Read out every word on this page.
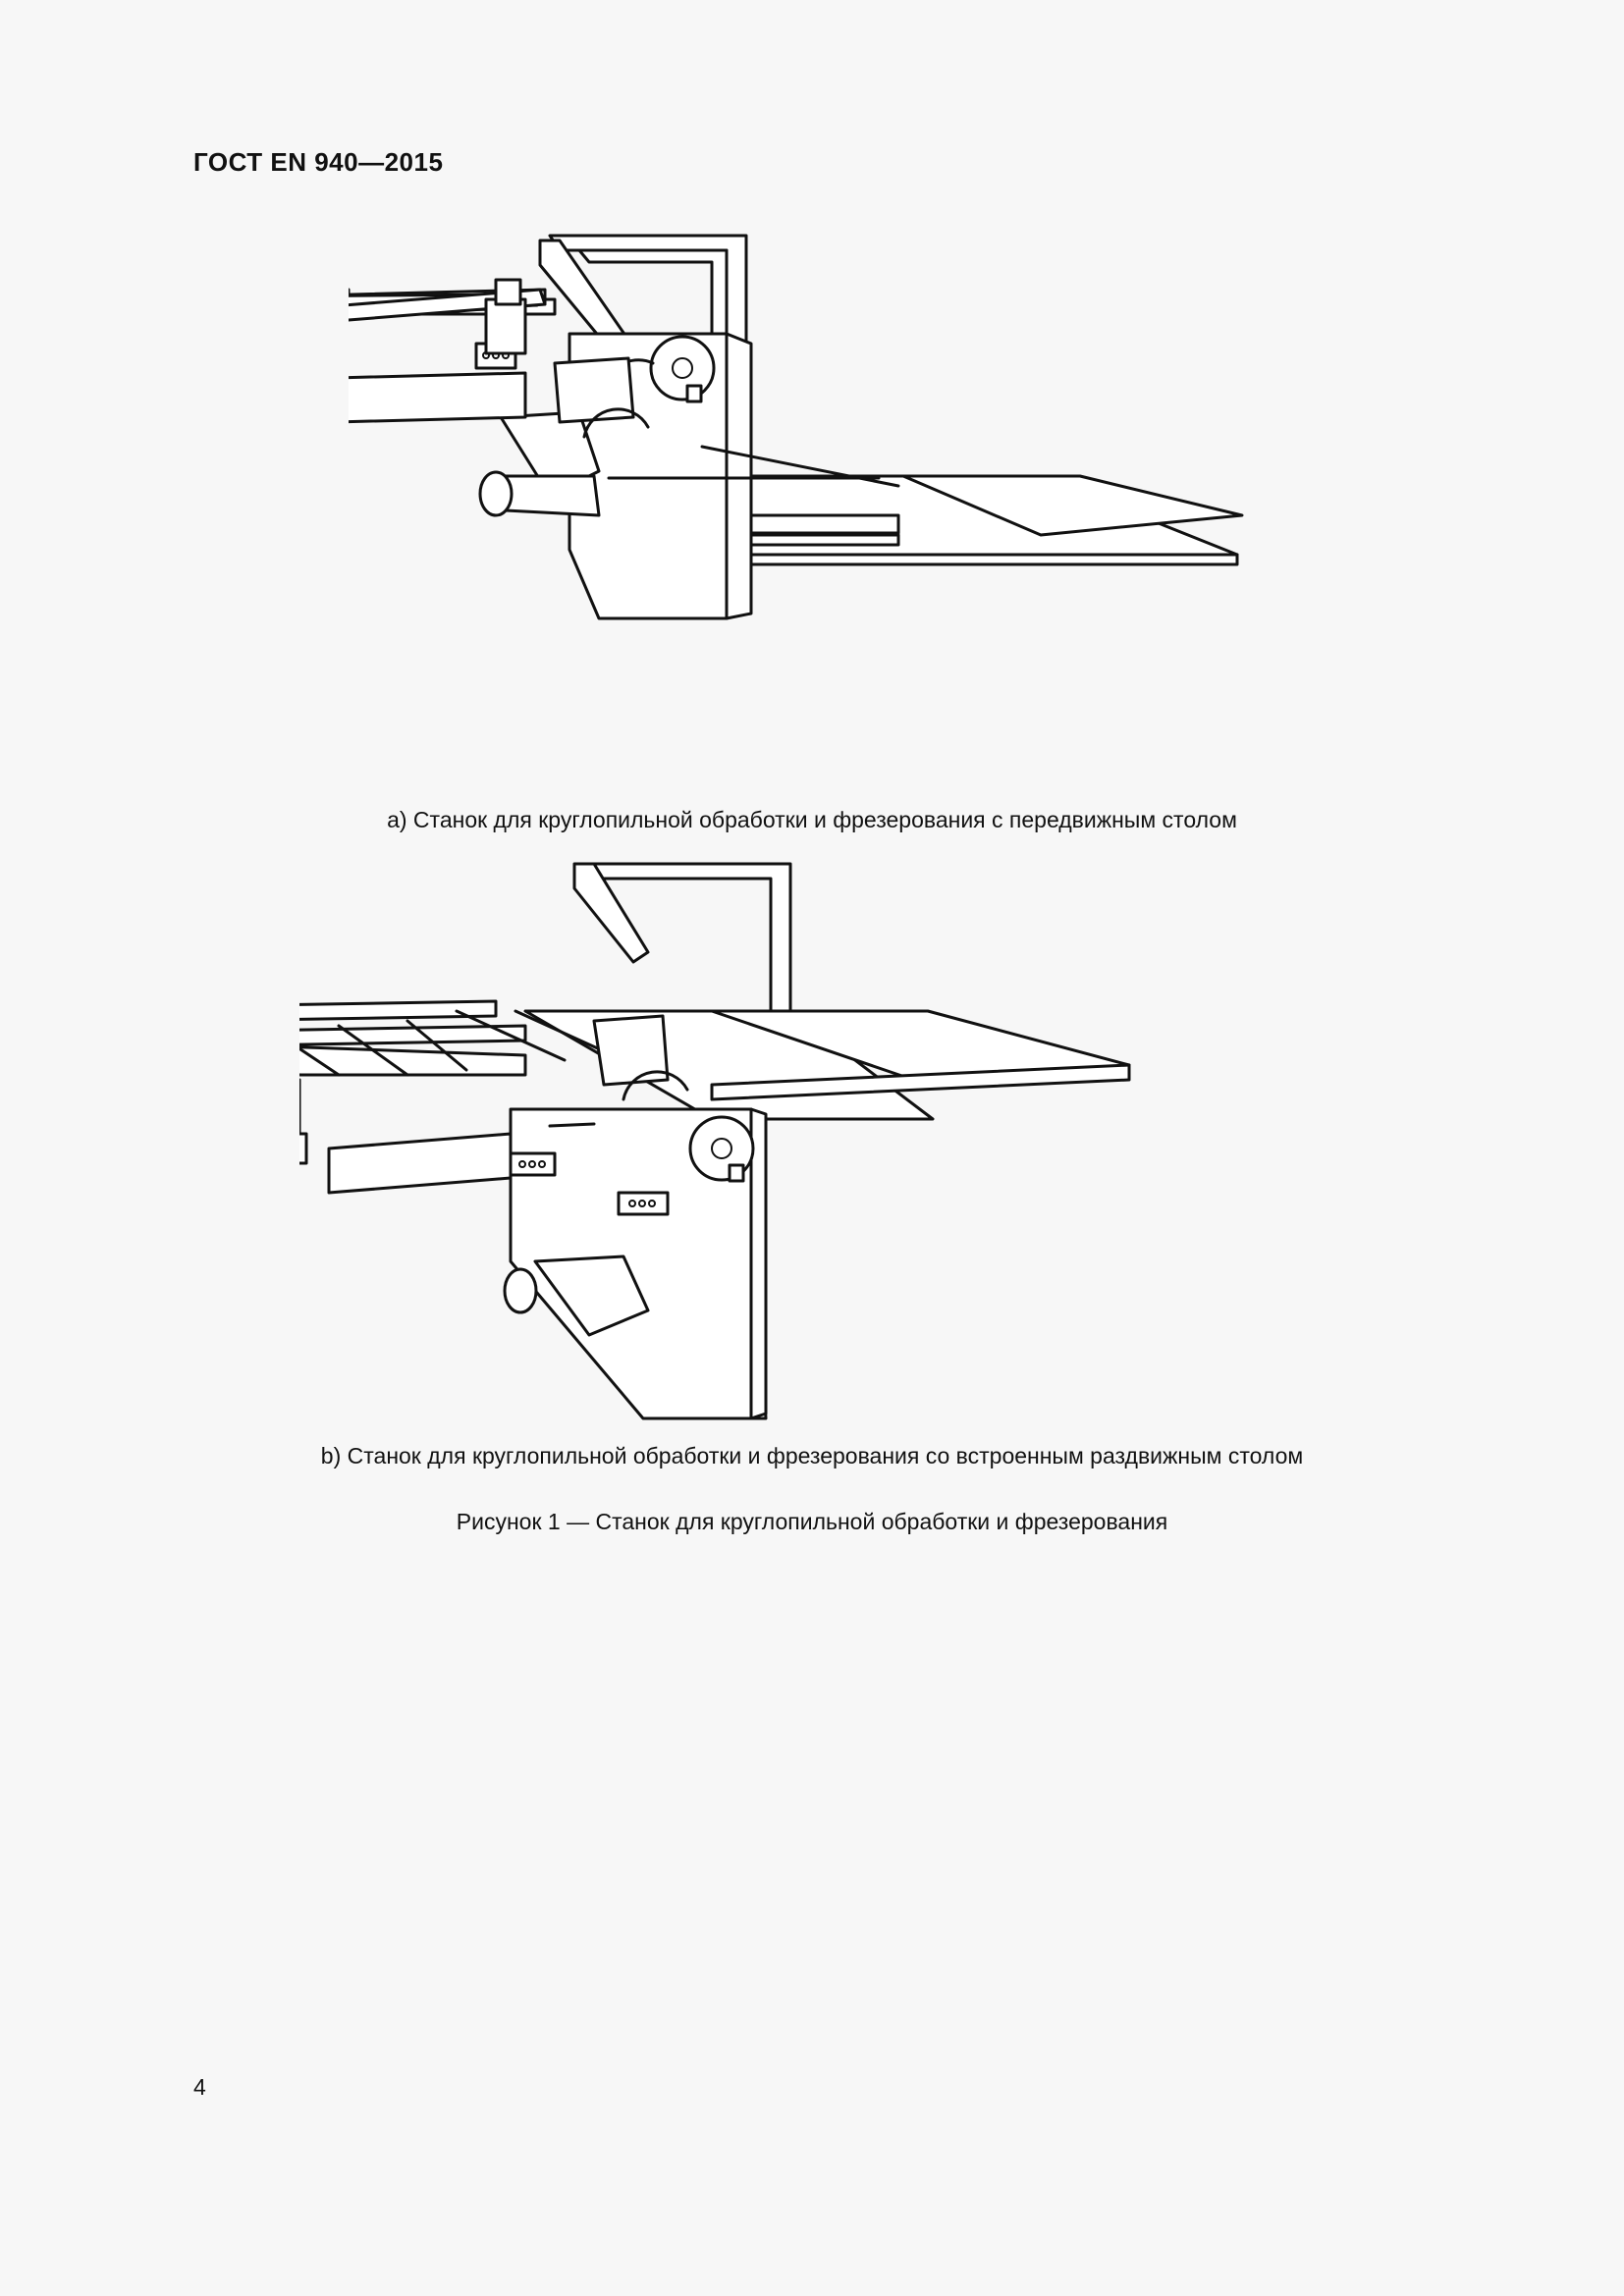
ГОСТ EN 940—2015
а) Станок для круглопильной обработки и фрезерования с передвижным столом
b) Станок для круглопильной обработки и фрезерования со встроенным раздвижным столом
Рисунок 1 — Станок для круглопильной обработки и фрезерования
4
